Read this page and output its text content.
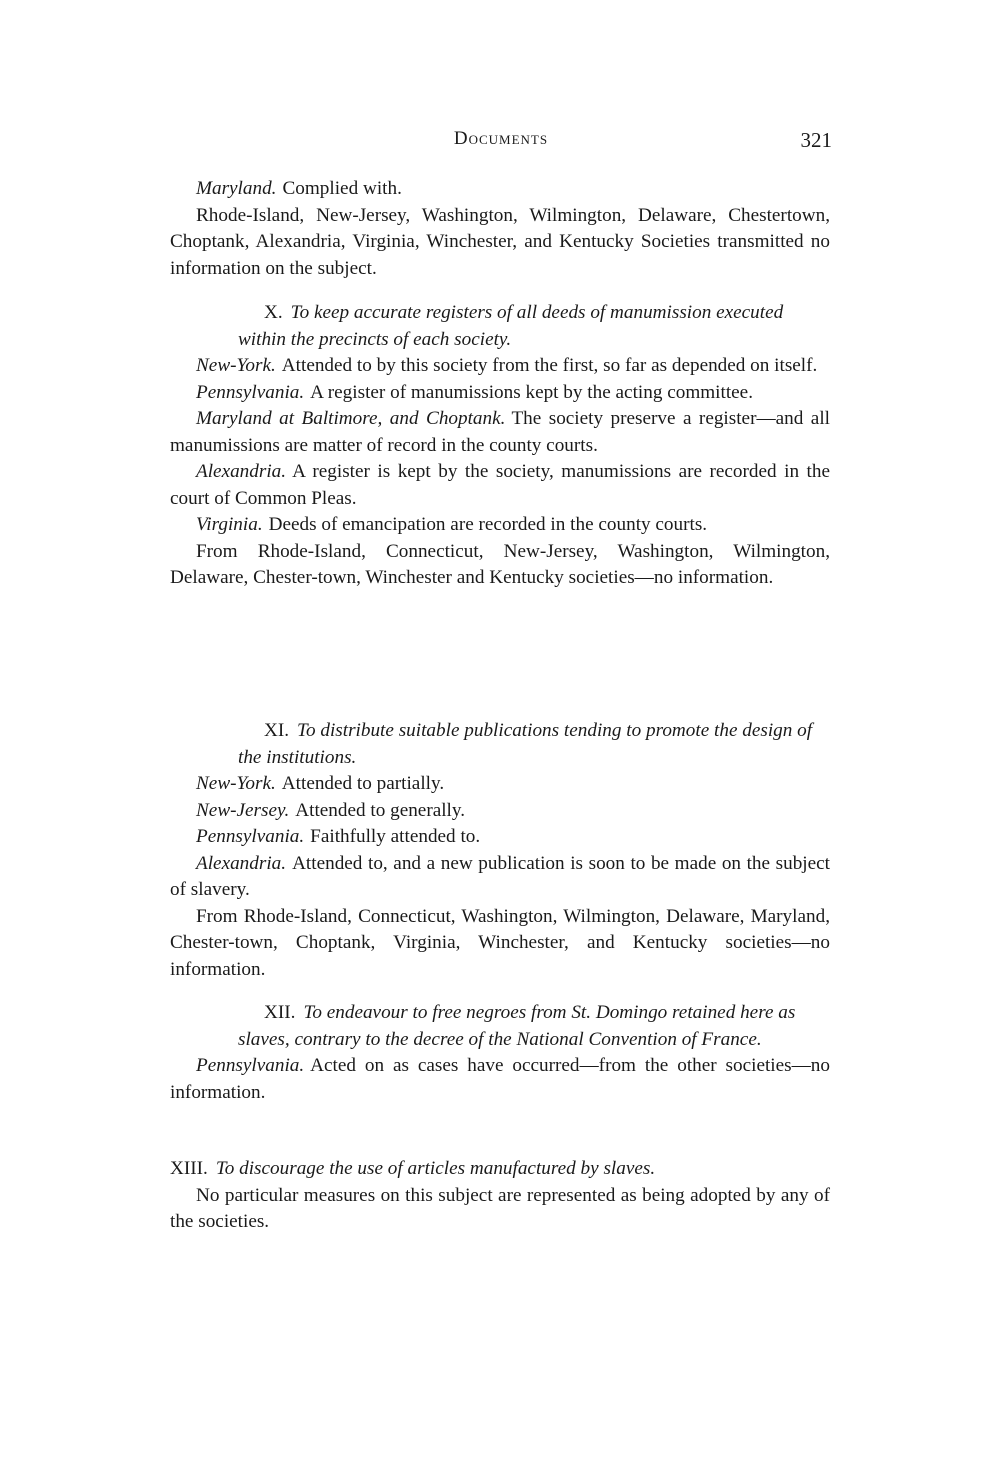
Documents	321

Maryland. Complied with.

Rhode-Island, New-Jersey, Washington, Wilmington, Delaware, Chestertown, Choptank, Alexandria, Virginia, Winchester, and Kentucky Societies transmitted no information on the subject.

X. To keep accurate registers of all deeds of manumission executed within the precincts of each society.

New-York. Attended to by this society from the first, so far as depended on itself.

Pennsylvania. A register of manumissions kept by the acting committee.

Maryland at Baltimore, and Choptank. The society preserve a register—and all manumissions are matter of record in the county courts.

Alexandria. A register is kept by the society, manumissions are recorded in the court of Common Pleas.

Virginia. Deeds of emancipation are recorded in the county courts.

From Rhode-Island, Connecticut, New-Jersey, Washington, Wilmington, Delaware, Chester-town, Winchester and Kentucky societies—no information.

XI. To distribute suitable publications tending to promote the design of the institutions.

New-York. Attended to partially.

New-Jersey. Attended to generally.

Pennsylvania. Faithfully attended to.

Alexandria. Attended to, and a new publication is soon to be made on the subject of slavery.

From Rhode-Island, Connecticut, Washington, Wilmington, Delaware, Maryland, Chester-town, Choptank, Virginia, Winchester, and Kentucky societies—no information.

XII. To endeavour to free negroes from St. Domingo retained here as slaves, contrary to the decree of the National Convention of France.

Pennsylvania. Acted on as cases have occurred—from the other societies—no information.

XIII. To discourage the use of articles manufactured by slaves.

No particular measures on this subject are represented as being adopted by any of the societies.
